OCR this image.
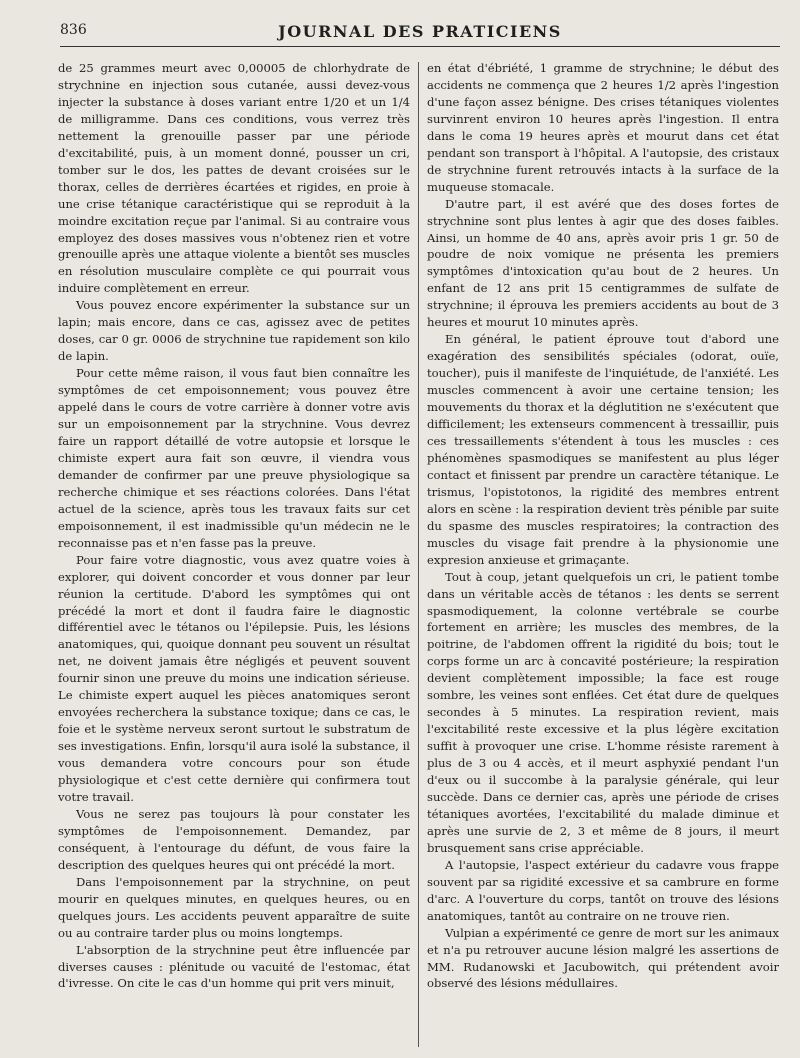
836	JOURNAL DES PRATICIENS

de 25 grammes meurt avec 0,00005 de chlorhydrate de strychnine en injection sous cutanée, aussi devez-vous injecter la substance à doses variant entre 1/20 et un 1/4 de milligramme. Dans ces conditions, vous verrez très nettement la grenouille passer par une période d'excitabilité, puis, à un moment donné, pousser un cri, tomber sur le dos, les pattes de devant croisées sur le thorax, celles de derrières écartées et rigides, en proie à une crise tétanique caractéristique qui se reproduit à la moindre excitation reçue par l'animal. Si au contraire vous employez des doses massives vous n'obtenez rien et votre grenouille après une attaque violente a bientôt ses muscles en résolution musculaire complète ce qui pourrait vous induire complètement en erreur.

Vous pouvez encore expérimenter la substance sur un lapin; mais encore, dans ce cas, agissez avec de petites doses, car 0 gr. 0006 de strychnine tue rapidement son kilo de lapin.

Pour cette même raison, il vous faut bien connaître les symptômes de cet empoisonnement; vous pouvez être appelé dans le cours de votre carrière à donner votre avis sur un empoisonnement par la strychnine. Vous devrez faire un rapport détaillé de votre autopsie et lorsque le chimiste expert aura fait son œuvre, il viendra vous demander de confirmer par une preuve physiologique sa recherche chimique et ses réactions colorées. Dans l'état actuel de la science, après tous les travaux faits sur cet empoisonnement, il est inadmissible qu'un médecin ne le reconnaisse pas et n'en fasse pas la preuve.

Pour faire votre diagnostic, vous avez quatre voies à explorer, qui doivent concorder et vous donner par leur réunion la certitude. D'abord les symptômes qui ont précédé la mort et dont il faudra faire le diagnostic différentiel avec le tétanos ou l'épilepsie. Puis, les lésions anatomiques, qui, quoique donnant peu souvent un résultat net, ne doivent jamais être négligés et peuvent souvent fournir sinon une preuve du moins une indication sérieuse. Le chimiste expert auquel les pièces anatomiques seront envoyées recherchera la substance toxique; dans ce cas, le foie et le système nerveux seront surtout le substratum de ses investigations. Enfin, lorsqu'il aura isolé la substance, il vous demandera votre concours pour son étude physiologique et c'est cette dernière qui confirmera tout votre travail.

Vous ne serez pas toujours là pour constater les symptômes de l'empoisonnement. Demandez, par conséquent, à l'entourage du défunt, de vous faire la description des quelques heures qui ont précédé la mort.

Dans l'empoisonnement par la strychnine, on peut mourir en quelques minutes, en quelques heures, ou en quelques jours. Les accidents peuvent apparaître de suite ou au contraire tarder plus ou moins longtemps.

L'absorption de la strychnine peut être influencée par diverses causes : plénitude ou vacuité de l'estomac, état d'ivresse. On cite le cas d'un homme qui prit vers minuit,

en état d'ébriété, 1 gramme de strychnine; le début des accidents ne commença que 2 heures 1/2 après l'ingestion d'une façon assez bénigne. Des crises tétaniques violentes survinrent environ 10 heures après l'ingestion. Il entra dans le coma 19 heures après et mourut dans cet état pendant son transport à l'hôpital. A l'autopsie, des cristaux de strychnine furent retrouvés intacts à la surface de la muqueuse stomacale.

D'autre part, il est avéré que des doses fortes de strychnine sont plus lentes à agir que des doses faibles. Ainsi, un homme de 40 ans, après avoir pris 1 gr. 50 de poudre de noix vomique ne présenta les premiers symptômes d'intoxication qu'au bout de 2 heures. Un enfant de 12 ans prit 15 centigrammes de sulfate de strychnine; il éprouva les premiers accidents au bout de 3 heures et mourut 10 minutes après.

En général, le patient éprouve tout d'abord une exagération des sensibilités spéciales (odorat, ouïe, toucher), puis il manifeste de l'inquiétude, de l'anxiété. Les muscles commencent à avoir une certaine tension; les mouvements du thorax et la déglutition ne s'exécutent que difficilement; les extenseurs commencent à tressaillir, puis ces tressaillements s'étendent à tous les muscles : ces phénomènes spasmodiques se manifestent au plus léger contact et finissent par prendre un caractère tétanique. Le trismus, l'opistotonos, la rigidité des membres entrent alors en scène : la respiration devient très pénible par suite du spasme des muscles respiratoires; la contraction des muscles du visage fait prendre à la physionomie une expresion anxieuse et grimaçante.

Tout à coup, jetant quelquefois un cri, le patient tombe dans un véritable accès de tétanos : les dents se serrent spasmodiquement, la colonne vertébrale se courbe fortement en arrière; les muscles des membres, de la poitrine, de l'abdomen offrent la rigidité du bois; tout le corps forme un arc à concavité postérieure; la respiration devient complètement impossible; la face est rouge sombre, les veines sont enflées. Cet état dure de quelques secondes à 5 minutes. La respiration revient, mais l'excitabilité reste excessive et la plus légère excitation suffit à provoquer une crise. L'homme résiste rarement à plus de 3 ou 4 accès, et il meurt asphyxié pendant l'un d'eux ou il succombe à la paralysie générale, qui leur succède. Dans ce dernier cas, après une période de crises tétaniques avortées, l'excitabilité du malade diminue et après une survie de 2, 3 et même de 8 jours, il meurt brusquement sans crise appréciable.

A l'autopsie, l'aspect extérieur du cadavre vous frappe souvent par sa rigidité excessive et sa cambrure en forme d'arc. A l'ouverture du corps, tantôt on trouve des lésions anatomiques, tantôt au contraire on ne trouve rien.

Vulpian a expérimenté ce genre de mort sur les animaux et n'a pu retrouver aucune lésion malgré les assertions de MM. Rudanowski et Jacubowitch, qui prétendent avoir observé des lésions médullaires.
